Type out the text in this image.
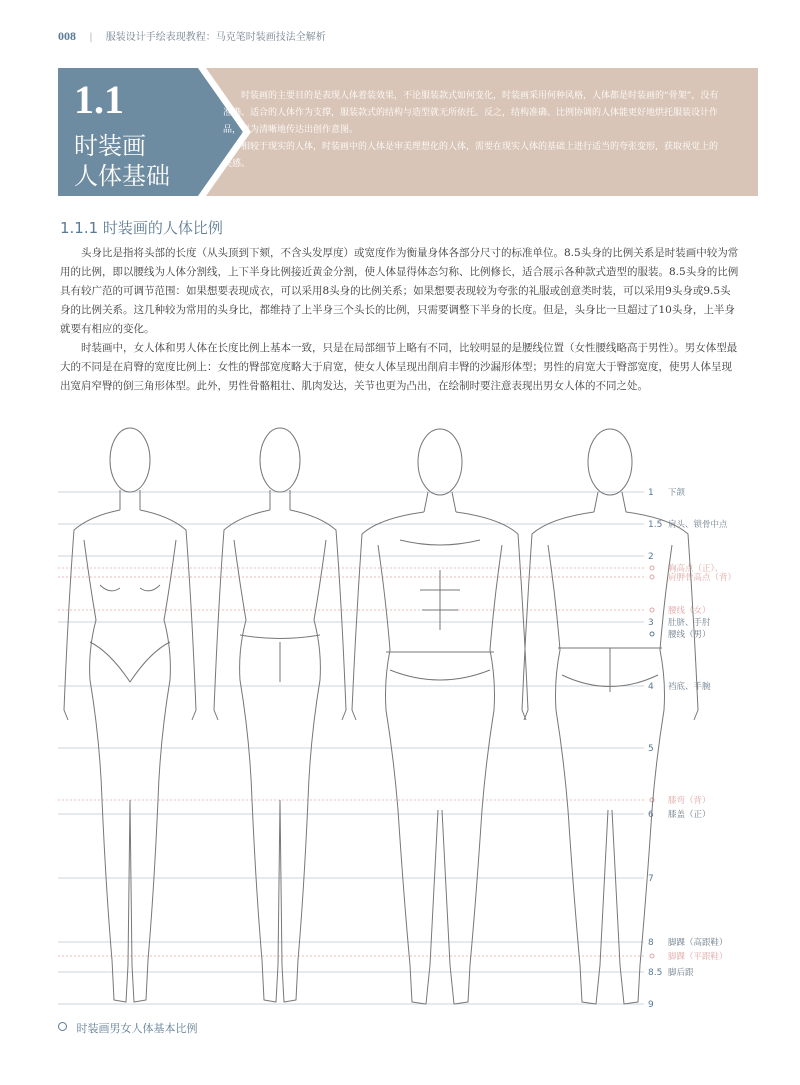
008 | 服装设计手绘表现教程：马克笔时装画技法全解析
1.1
时装画
人体基础

时装画的主要目的是表现人体着装效果，不论服装款式如何变化，时装画采用何种风格，人体都是时装画的“骨架”，没有准确、适合的人体作为支撑，服装款式的结构与造型就无所依托。反之，结构准确、比例协调的人体能更好地烘托服装设计作品，更为清晰地传达出创作意图。

相较于现实的人体，时装画中的人体是审美理想化的人体，需要在现实人体的基础上进行适当的夸张变形，获取视觉上的美感。

1.1.1 时装画的人体比例

头身比是指将头部的长度（从头顶到下颏，不含头发厚度）或宽度作为衡量身体各部分尺寸的标准单位。8.5头身的比例关系是时装画中较为常用的比例，即以腰线为人体分割线，上下半身比例接近黄金分割，使人体显得体态匀称、比例修长，适合展示各种款式造型的服装。8.5头身的比例具有较广范的可调节范围：如果想要表现成衣，可以采用8头身的比例关系；如果想要表现较为夸张的礼服或创意类时装，可以采用9头身或9.5头身的比例关系。这几种较为常用的头身比，都维持了上半身三个头长的比例，只需要调整下半身的长度。但是，头身比一旦超过了10头身，上半身就要有相应的变化。

时装画中，女人体和男人体在长度比例上基本一致，只是在局部细节上略有不同，比较明显的是腰线位置（女性腰线略高于男性）。男女体型最大的不同是在肩臀的宽度比例上：女性的臀部宽度略大于肩宽，使女人体呈现出削肩丰臀的沙漏形体型；男性的肩宽大于臀部宽度，使男人体呈现出宽肩窄臀的倒三角形体型。此外，男性骨骼粗壮、肌肉发达，关节也更为凸出，在绘制时要注意表现出男女人体的不同之处。

1 下颌
1.5 肩头、锁骨中点
2
胸高点（正）、
肩胛骨高点（背）
腰线（女）
3 肚脐、手肘
腰线（男）
4 裆底、手腕
5
膝弯（背）
6 膝盖（正）
7
8 脚踝（高跟鞋）
脚踝（平跟鞋）
8.5 脚后跟
9
时装画男女人体基本比例
